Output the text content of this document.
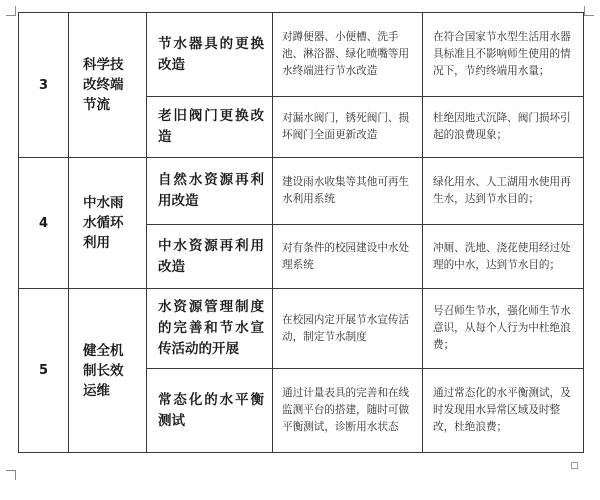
3	科学技改终端节流	节水器具的更换改造	对蹲便器、小便槽、洗手池、淋浴器、绿化喷嘴等用水终端进行节水改造	在符合国家节水型生活用水器具标准且不影响师生使用的情况下，节约终端用水量；

		老旧阀门更换改造	对漏水阀门，锈死阀门、损坏阀门全面更新改造	杜绝因地式沉降、阀门损坏引起的浪费现象；

4	中水雨水循环利用	自然水资源再利用改造	建设雨水收集等其他可再生水利用系统	绿化用水、人工湖用水使用再生水，达到节水目的；

		中水资源再利用改造	对有条件的校园建设中水处理系统	冲厕、洗地、浇花使用经过处理的中水，达到节水目的；

5	健全机制长效运维	水资源管理制度的完善和节水宣传活动的开展	在校园内定开展节水宣传活动，制定节水制度	号召师生节水，强化师生节水意识，从每个人行为中杜绝浪费；

		常态化的水平衡测试	通过计量表具的完善和在线监测平台的搭建，随时可做平衡测试，诊断用水状态	通过常态化的水平衡测试，及时发现用水异常区域及时整改，杜绝浪费；
